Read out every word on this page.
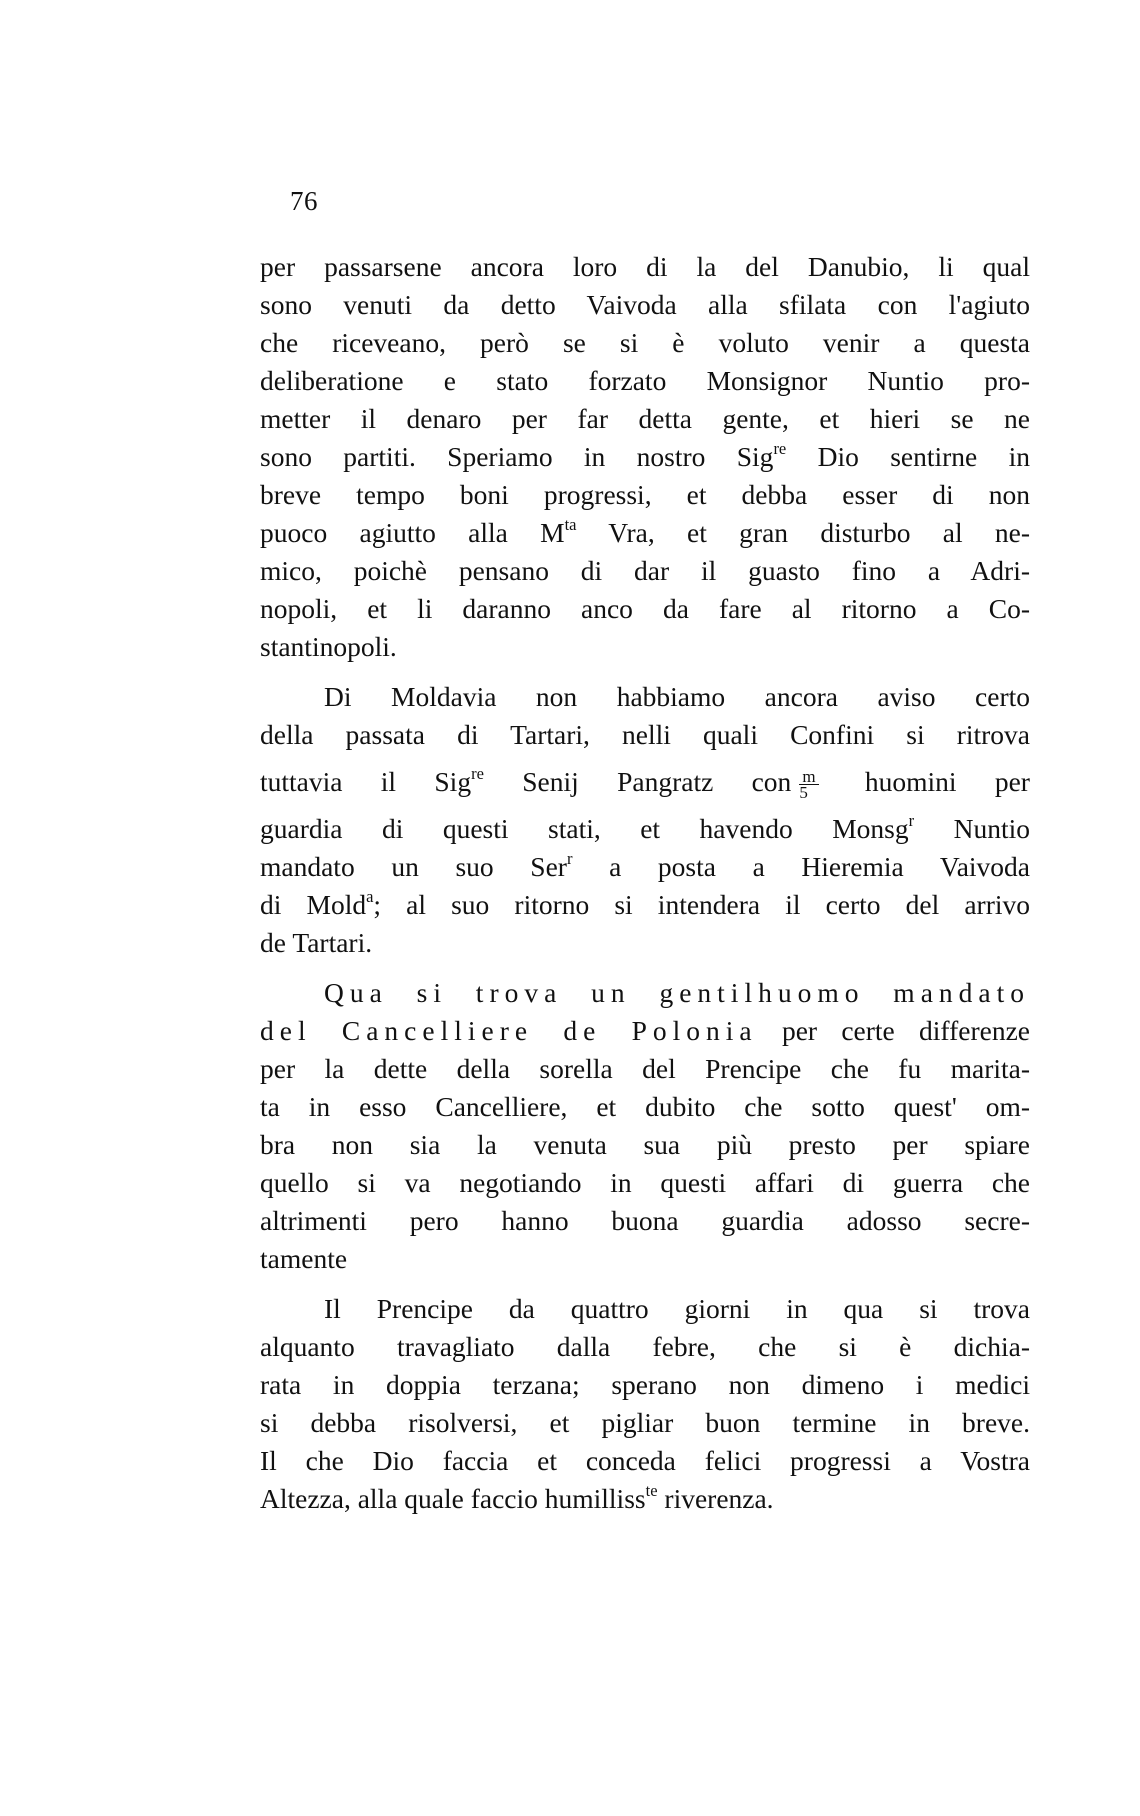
76
per passarsene ancora loro di la del Danubio, li qual
sono venuti da detto Vaivoda alla sfilata con l'agiuto
che riceveano, però se si è voluto venir a questa
deliberatione e stato forzato Monsignor Nuntio pro-
metter il denaro per far detta gente, et hieri se ne
sono partiti. Speriamo in nostro Sig$^{re}$ Dio sentirne in
breve tempo boni progressi, et debba esser di non
puoco agiutto alla $M^{ta}$ Vra, et gran disturbo al ne-
mico, poichè pensano di dar il guasto fino a Adri-
nopoli, et li daranno anco da fare al ritorno a Co-
stantinopoli.
Di Moldavia non habbiamo ancora aviso certo
della passata di Tartari, nelli quali Confini si ritrova
tuttavia il Sig$^{re}$ Senij Pangratz con $\frac{m}{5}$ huomini per
guardia di questi stati, et havendo Monsg$^r$ Nuntio
mandato un suo Ser$^r$ a posta a Hieremia Vaivoda
di Mold$^a$; al suo ritorno si intendera il certo del arrivo
de Tartari.
Qua si trova un gentilhuomo mandato
del Cancelliere de Polonia per certe differenze
per la dette della sorella del Prencipe che fu marita-
ta in esso Cancelliere, et dubito che sotto quest' om-
bra non sia la venuta sua più presto per spiare
quello si va negotiando in questi affari di guerra che
altrimenti pero hanno buona guardia adosso secre-
tamente
Il Prencipe da quattro giorni in qua si trova
alquanto travagliato dalla febre, che si è dichia-
rata in doppia terzana; sperano non dimeno i medici
si debba risolversi, et pigliar buon termine in breve.
Il che Dio faccia et conceda felici progressi a Vostra
Altezza, alla quale faccio humilliss$^{te}$ riverenza.
